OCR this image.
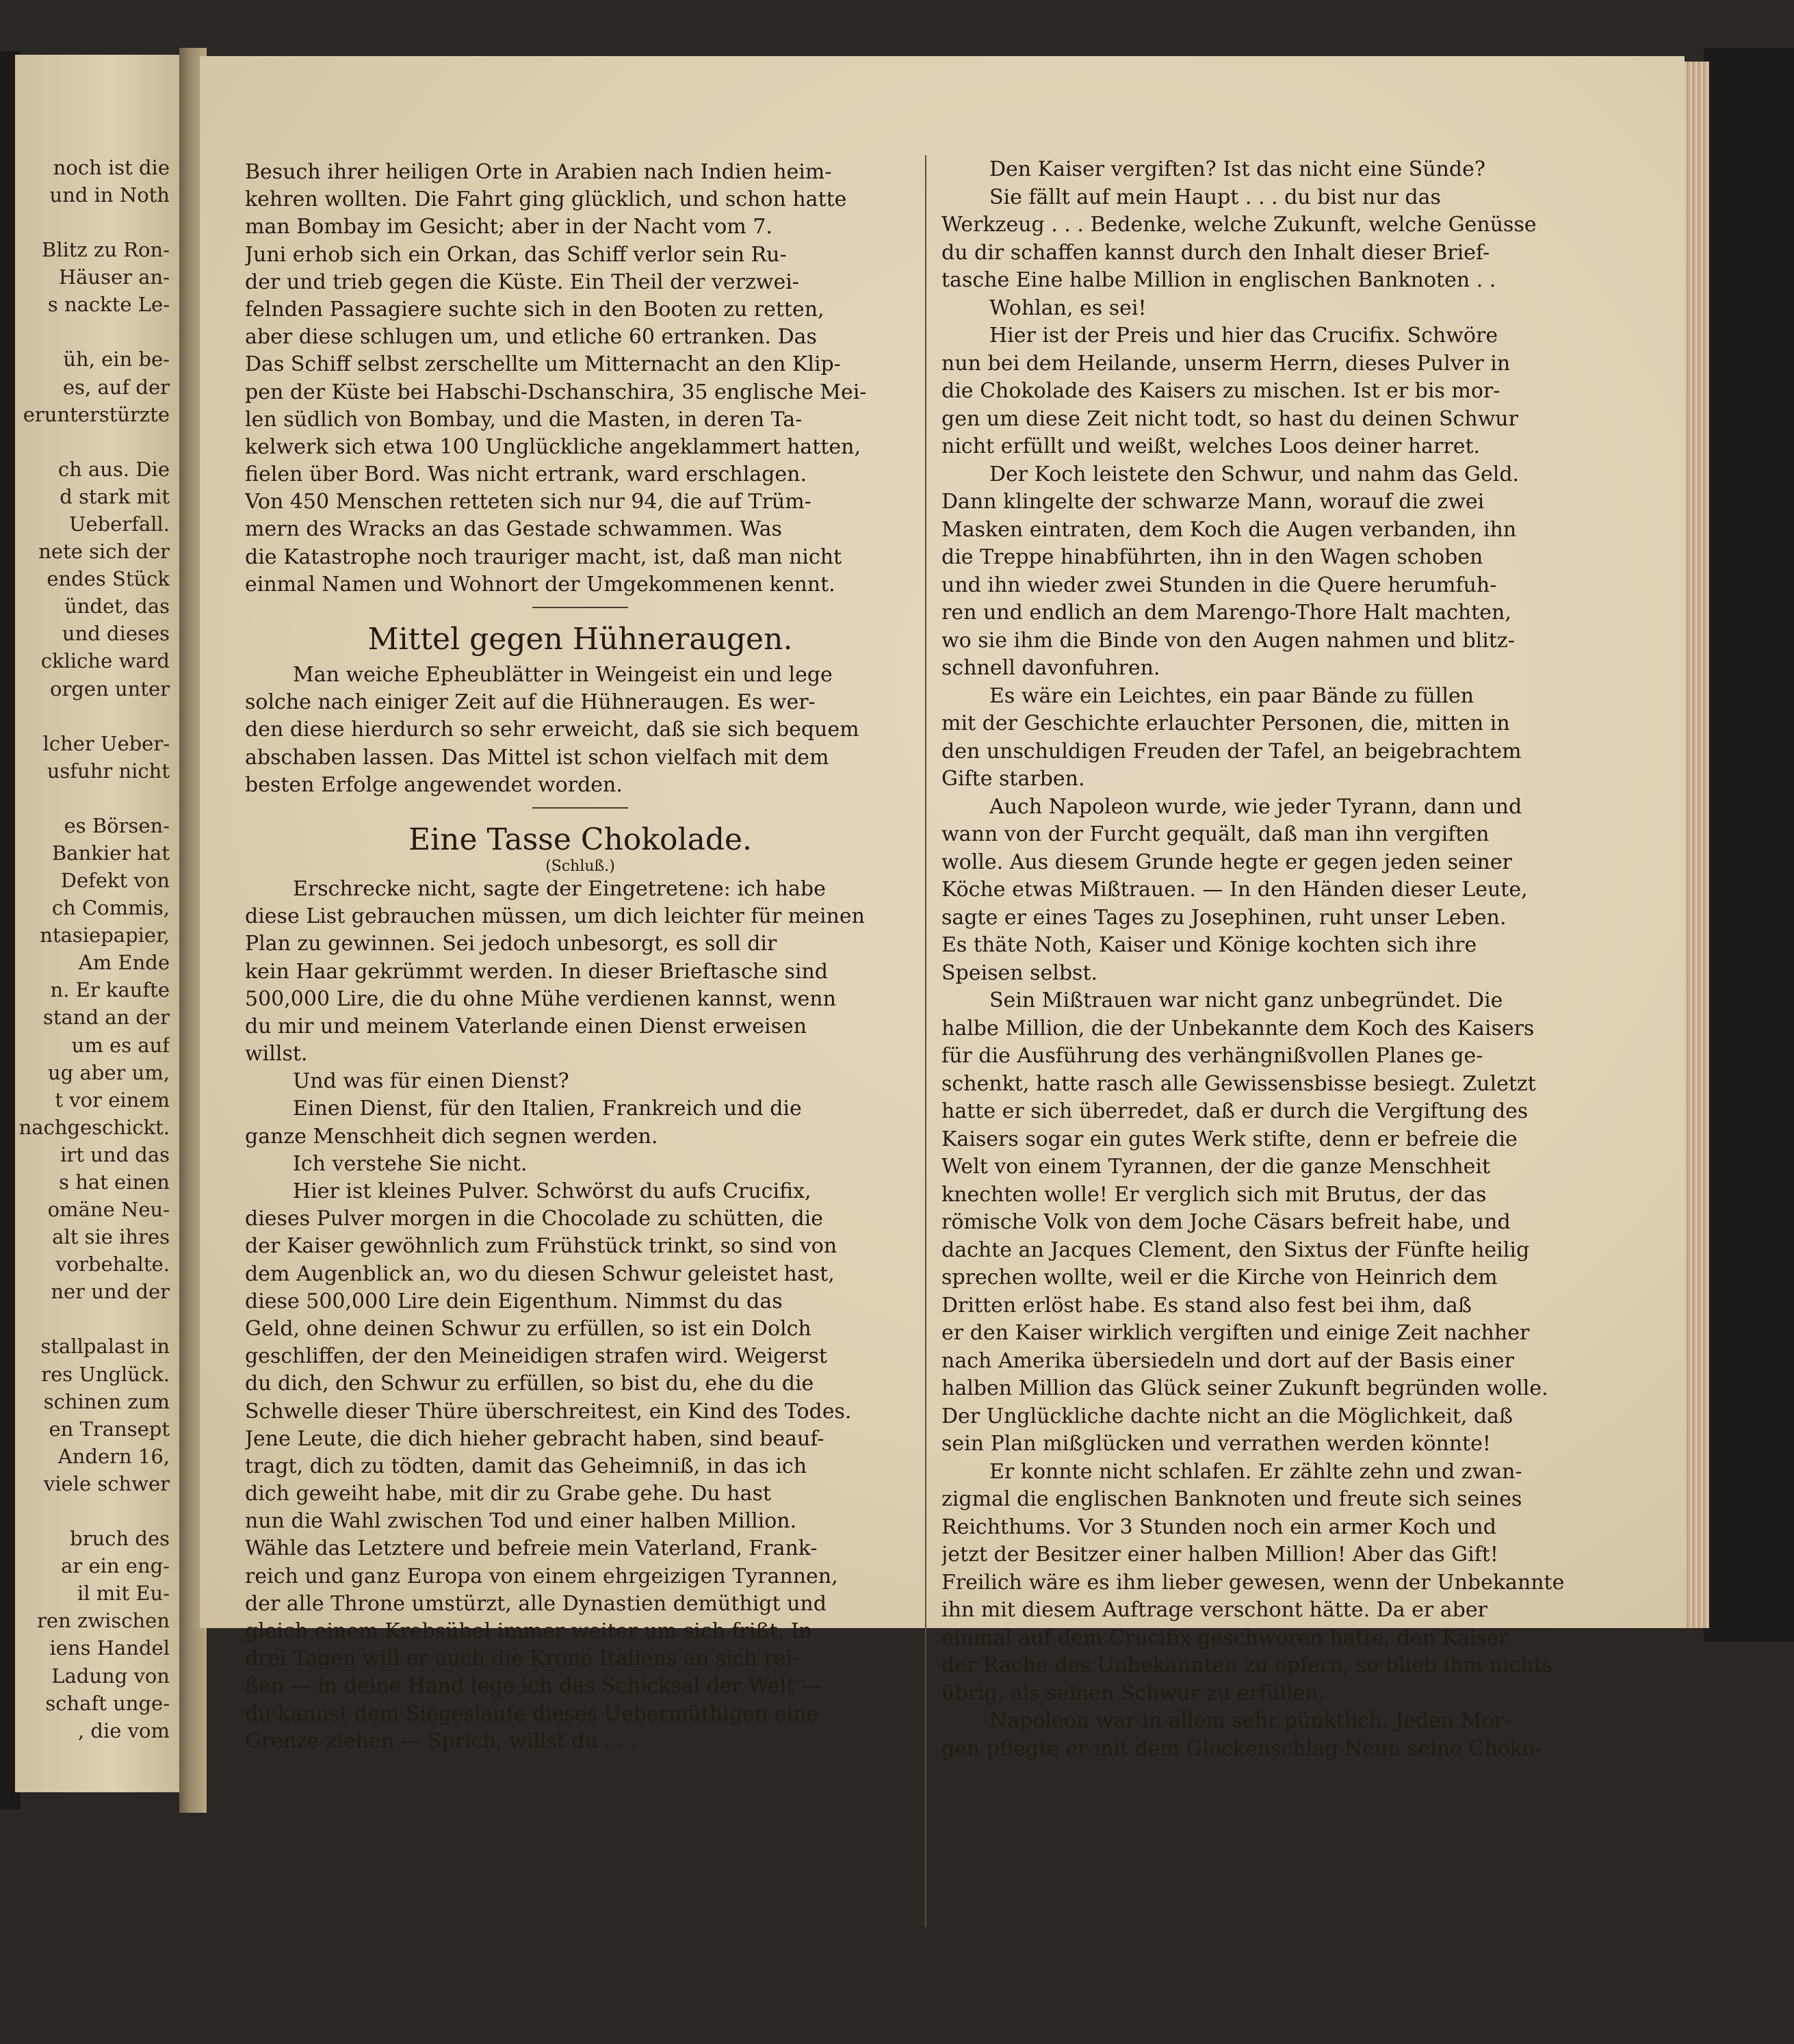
noch ist die
und in Noth
Blitz zu Ron-
Häuser an-
s nackte Le-
üh, ein be-
es, auf der
erunterstürzte
ch aus. Die
d stark mit
Ueberfall.
nete sich der
endes Stück
ündet, das
und dieses
ckliche ward
orgen unter
lcher Ueber-
usfuhr nicht
es Börsen-
Bankier hat
Defekt von
ch Commis,
ntasiepapier,
Am Ende
n. Er kaufte
stand an der
um es auf
ug aber um,
t vor einem
nachgeschickt.
irt und das
s hat einen
omäne Neu-
alt sie ihres
vorbehalte.
ner und der
stallpalast in
res Unglück.
schinen zum
en Transept
Andern 16,
viele schwer
bruch des
ar ein eng-
il mit Eu-
ren zwischen
iens Handel
Ladung von
schaft unge-
, die vom
Besuch ihrer heiligen Orte in Arabien nach Indien heim-
kehren wollten. Die Fahrt ging glücklich, und schon hatte
man Bombay im Gesicht; aber in der Nacht vom 7.
Juni erhob sich ein Orkan, das Schiff verlor sein Ru-
der und trieb gegen die Küste. Ein Theil der verzwei-
felnden Passagiere suchte sich in den Booten zu retten,
aber diese schlugen um, und etliche 60 ertranken. Das
Das Schiff selbst zerschellte um Mitternacht an den Klip-
pen der Küste bei Habschi-Dschanschira, 35 englische Mei-
len südlich von Bombay, und die Masten, in deren Ta-
kelwerk sich etwa 100 Unglückliche angeklammert hatten,
fielen über Bord. Was nicht ertrank, ward erschlagen.
Von 450 Menschen retteten sich nur 94, die auf Trüm-
mern des Wracks an das Gestade schwammen. Was
die Katastrophe noch trauriger macht, ist, daß man nicht
einmal Namen und Wohnort der Umgekommenen kennt.
Mittel gegen Hühneraugen.
Man weiche Epheublätter in Weingeist ein und lege
solche nach einiger Zeit auf die Hühneraugen. Es wer-
den diese hierdurch so sehr erweicht, daß sie sich bequem
abschaben lassen. Das Mittel ist schon vielfach mit dem
besten Erfolge angewendet worden.
Eine Tasse Chokolade.
(Schluß.)
Erschrecke nicht, sagte der Eingetretene: ich habe
diese List gebrauchen müssen, um dich leichter für meinen
Plan zu gewinnen. Sei jedoch unbesorgt, es soll dir
kein Haar gekrümmt werden. In dieser Brieftasche sind
500,000 Lire, die du ohne Mühe verdienen kannst, wenn
du mir und meinem Vaterlande einen Dienst erweisen
willst.
Und was für einen Dienst?
Einen Dienst, für den Italien, Frankreich und die
ganze Menschheit dich segnen werden.
Ich verstehe Sie nicht.
Hier ist kleines Pulver. Schwörst du aufs Crucifix,
dieses Pulver morgen in die Chocolade zu schütten, die
der Kaiser gewöhnlich zum Frühstück trinkt, so sind von
dem Augenblick an, wo du diesen Schwur geleistet hast,
diese 500,000 Lire dein Eigenthum. Nimmst du das
Geld, ohne deinen Schwur zu erfüllen, so ist ein Dolch
geschliffen, der den Meineidigen strafen wird. Weigerst
du dich, den Schwur zu erfüllen, so bist du, ehe du die
Schwelle dieser Thüre überschreitest, ein Kind des Todes.
Jene Leute, die dich hieher gebracht haben, sind beauf-
tragt, dich zu tödten, damit das Geheimniß, in das ich
dich geweiht habe, mit dir zu Grabe gehe. Du hast
nun die Wahl zwischen Tod und einer halben Million.
Wähle das Letztere und befreie mein Vaterland, Frank-
reich und ganz Europa von einem ehrgeizigen Tyrannen,
der alle Throne umstürzt, alle Dynastien demüthigt und
gleich einem Krebsübel immer weiter um sich frißt. In
drei Tagen will er auch die Krone Italiens an sich rei-
ßen — in deine Hand lege ich das Schicksal der Welt —
du kannst dem Siegeslaufe dieses Uebermüthigen eine
Grenze ziehen — Sprich, willst du . . .
Den Kaiser vergiften? Ist das nicht eine Sünde?
Sie fällt auf mein Haupt . . . du bist nur das
Werkzeug . . . Bedenke, welche Zukunft, welche Genüsse
du dir schaffen kannst durch den Inhalt dieser Brief-
tasche Eine halbe Million in englischen Banknoten . .
Wohlan, es sei!
Hier ist der Preis und hier das Crucifix. Schwöre
nun bei dem Heilande, unserm Herrn, dieses Pulver in
die Chokolade des Kaisers zu mischen. Ist er bis mor-
gen um diese Zeit nicht todt, so hast du deinen Schwur
nicht erfüllt und weißt, welches Loos deiner harret.
Der Koch leistete den Schwur, und nahm das Geld.
Dann klingelte der schwarze Mann, worauf die zwei
Masken eintraten, dem Koch die Augen verbanden, ihn
die Treppe hinabführten, ihn in den Wagen schoben
und ihn wieder zwei Stunden in die Quere herumfuh-
ren und endlich an dem Marengo-Thore Halt machten,
wo sie ihm die Binde von den Augen nahmen und blitz-
schnell davonfuhren.
Es wäre ein Leichtes, ein paar Bände zu füllen
mit der Geschichte erlauchter Personen, die, mitten in
den unschuldigen Freuden der Tafel, an beigebrachtem
Gifte starben.
Auch Napoleon wurde, wie jeder Tyrann, dann und
wann von der Furcht gequält, daß man ihn vergiften
wolle. Aus diesem Grunde hegte er gegen jeden seiner
Köche etwas Mißtrauen. — In den Händen dieser Leute,
sagte er eines Tages zu Josephinen, ruht unser Leben.
Es thäte Noth, Kaiser und Könige kochten sich ihre
Speisen selbst.
Sein Mißtrauen war nicht ganz unbegründet. Die
halbe Million, die der Unbekannte dem Koch des Kaisers
für die Ausführung des verhängnißvollen Planes ge-
schenkt, hatte rasch alle Gewissensbisse besiegt. Zuletzt
hatte er sich überredet, daß er durch die Vergiftung des
Kaisers sogar ein gutes Werk stifte, denn er befreie die
Welt von einem Tyrannen, der die ganze Menschheit
knechten wolle! Er verglich sich mit Brutus, der das
römische Volk von dem Joche Cäsars befreit habe, und
dachte an Jacques Clement, den Sixtus der Fünfte heilig
sprechen wollte, weil er die Kirche von Heinrich dem
Dritten erlöst habe. Es stand also fest bei ihm, daß
er den Kaiser wirklich vergiften und einige Zeit nachher
nach Amerika übersiedeln und dort auf der Basis einer
halben Million das Glück seiner Zukunft begründen wolle.
Der Unglückliche dachte nicht an die Möglichkeit, daß
sein Plan mißglücken und verrathen werden könnte!
Er konnte nicht schlafen. Er zählte zehn und zwan-
zigmal die englischen Banknoten und freute sich seines
Reichthums. Vor 3 Stunden noch ein armer Koch und
jetzt der Besitzer einer halben Million! Aber das Gift!
Freilich wäre es ihm lieber gewesen, wenn der Unbekannte
ihn mit diesem Auftrage verschont hätte. Da er aber
einmal auf dem Crucifix geschworen hatte, den Kaiser
der Rache des Unbekannten zu opfern, so blieb ihm nichts
übrig, als seinen Schwur zu erfüllen.
Napoleon war in allem sehr pünktlich. Jeden Mor-
gen pflegte er mit dem Glockenschlag Neun seine Choko-
